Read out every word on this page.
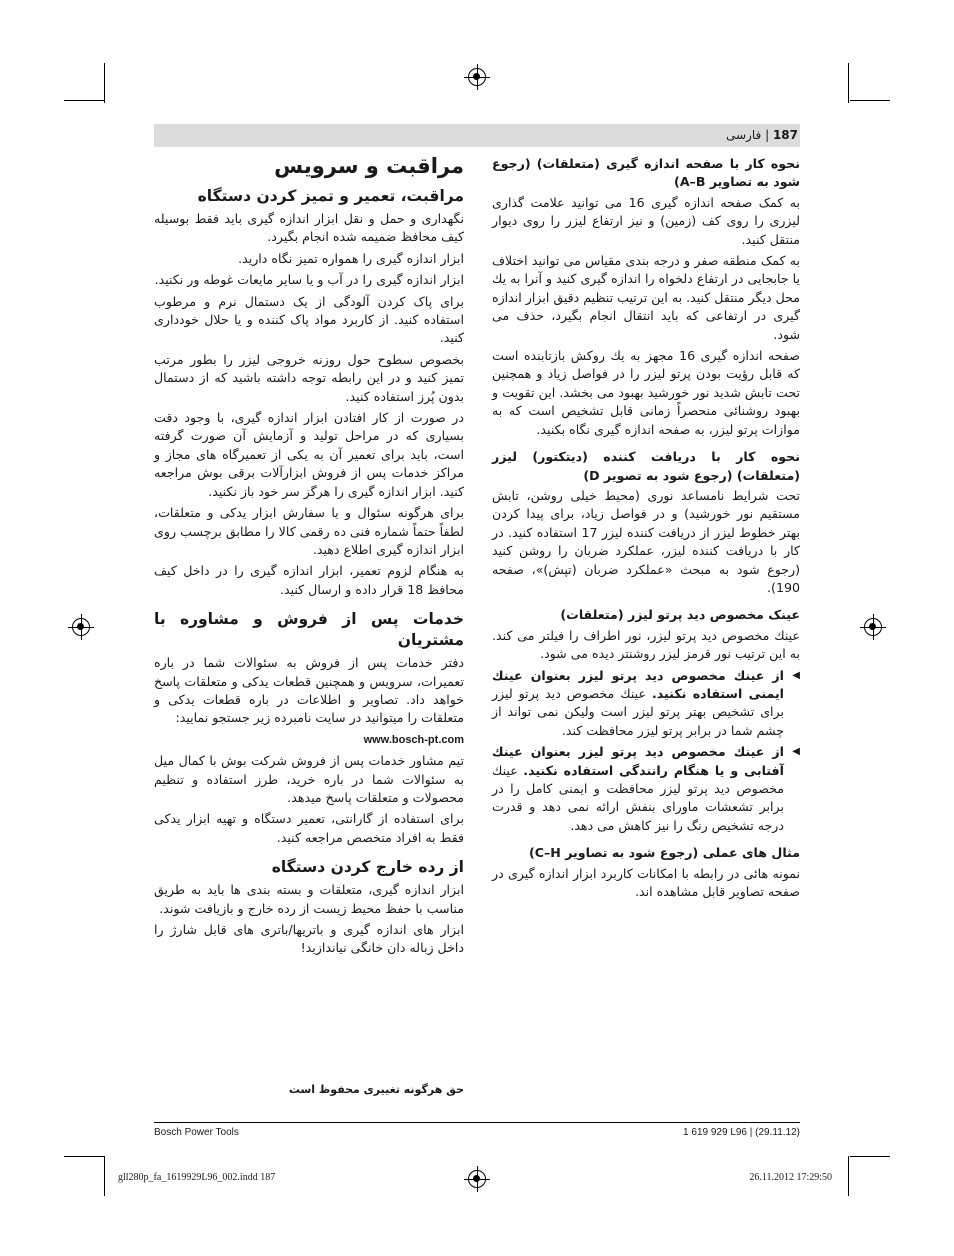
187 | فارسی
نحوه کار با صفحه اندازه گیری (متعلقات) (رجوع شود به تصاویر A–B)

به کمک صفحه اندازه گیری 16 می توانید علامت گذاری لیزری را روی کف (زمین) و نیز ارتفاع لیزر را روی دیوار منتقل کنید.

به کمک منطقه صفر و درجه بندی مقیاس می توانید اختلاف یا جابجایی در ارتفاع دلخواه را اندازه گیری کنید و آنرا به یك محل دیگر منتقل کنید. به این ترتیب تنظیم دقیق ابزار اندازه گیری در ارتفاعی که باید انتقال انجام بگیرد، حذف می شود.

صفحه اندازه گیری 16 مجهز به یك روکش بازتابنده است که قابل رؤیت بودن پرتو لیزر را در فواصل زیاد و همچنین تحت تابش شدید نور خورشید بهبود می بخشد. این تقویت و بهبود روشنائی منحصراً زمانی قابل تشخیص است که به موازات پرتو لیزر، به صفحه اندازه گیری نگاه بکنید.

نحوه کار با دریافت کننده (دیتکتور) لیزر (متعلقات) (رجوع شود به تصویر D)

تحت شرایط نامساعد نوری (محیط خیلی روشن، تابش مستقیم نور خورشید) و در فواصل زیاد، برای پیدا کردن بهتر خطوط لیزر از دریافت کننده لیزر 17 استفاده کنید. در کار با دریافت کننده لیزر، عملکرد ضربان را روشن کنید (رجوع شود به مبحث «عملکرد ضربان (تپش)»، صفحه 190).

عینک مخصوص دید پرتو لیزر (متعلقات)

عینك مخصوص دید پرتو لیزر، نور اطراف را فیلتر می کند. به این ترتیب نور قرمز لیزر روشنتر دیده می شود.

◀
از عینك مخصوص دید پرتو لیزر بعنوان عینك ایمنی استفاده نکنید. عینك مخصوص دید پرتو لیزر برای تشخیص بهتر پرتو لیزر است ولیکن نمی تواند از چشم شما در برابر پرتو لیزر محافظت کند.

◀
از عینك مخصوص دید پرتو لیزر بعنوان عینك آفتابی و یا هنگام رانندگی استفاده نکنید. عینك مخصوص دید پرتو لیزر محافظت و ایمنی کامل را در برابر تشعشات ماورای بنفش ارائه نمی دهد و قدرت درجه تشخیص رنگ را نیز کاهش می دهد.

مثال های عملی (رجوع شود به تصاویر C–H)

نمونه هائی در رابطه با امکانات کاربرد ابزار اندازه گیری در صفحه تصاویر قابل مشاهده اند.

مراقبت و سرویس
مراقبت، تعمیر و تمیز کردن دستگاه

نگهداری و حمل و نقل ابزار اندازه گیری باید فقط بوسیله کیف محافظ ضمیمه شده انجام بگیرد.

ابزار اندازه گیری را همواره تمیز نگاه دارید.

ابزار اندازه گیری را در آب و یا سایر مایعات غوطه ور نکنید.

برای پاک کردن آلودگی از یک دستمال نرم و مرطوب استفاده کنید. از کاربرد مواد پاک کننده و یا حلال خودداری کنید.

بخصوص سطوح حول روزنه خروجی لیزر را بطور مرتب تمیز کنید و در این رابطه توجه داشته باشید که از دستمال بدون پُرز استفاده کنید.

در صورت از کار افتادن ابزار اندازه گیری، با وجود دقت بسیاری که در مراحل تولید و آزمایش آن صورت گرفته است، باید برای تعمیر آن به یکی از تعمیرگاه های مجاز و مراکز خدمات پس از فروش ابزارآلات برقی بوش مراجعه کنید. ابزار اندازه گیری را هرگز سر خود باز نکنید.

برای هرگونه سئوال و یا سفارش ابزار یدکی و متعلقات، لطفاً حتماً شماره فنی ده رقمی کالا را مطابق برچسب روی ابزار اندازه گیری اطلاع دهید.

به هنگام لزوم تعمیر، ابزار اندازه گیری را در داخل کیف محافظ 18 قرار داده و ارسال کنید.

خدمات پس از فروش و مشاوره با مشتریان

دفتر خدمات پس از فروش به سئوالات شما در باره تعمیرات، سرویس و همچنین قطعات یدکی و متعلقات پاسخ خواهد داد. تصاویر و اطلاعات در باره قطعات یدکی و متعلقات را میتوانید در سایت نامبرده زیر جستجو نمایید:

www.bosch-pt.com

تیم مشاور خدمات پس از فروش شرکت بوش با کمال میل به سئوالات شما در باره خرید، طرز استفاده و تنظیم محصولات و متعلقات پاسخ میدهد.

برای استفاده از گارانتی، تعمیر دستگاه و تهیه ابزار یدکی فقط به افراد متخصص مراجعه کنید.

از رده خارج کردن دستگاه

ابزار اندازه گیری، متعلقات و بسته بندی ها باید به طریق مناسب با حفظ محیط زیست از رده خارج و بازیافت شوند.

ابزار های اندازه گیری و باتریها/باتری های قابل شارژ را داخل زباله دان خانگی نیاندازید!

حق هرگونه تغییری محفوظ است
Bosch Power Tools	1 619 929 L96 | (29.11.12)
gll280p_fa_1619929L96_002.indd 187	26.11.2012 17:29:50
